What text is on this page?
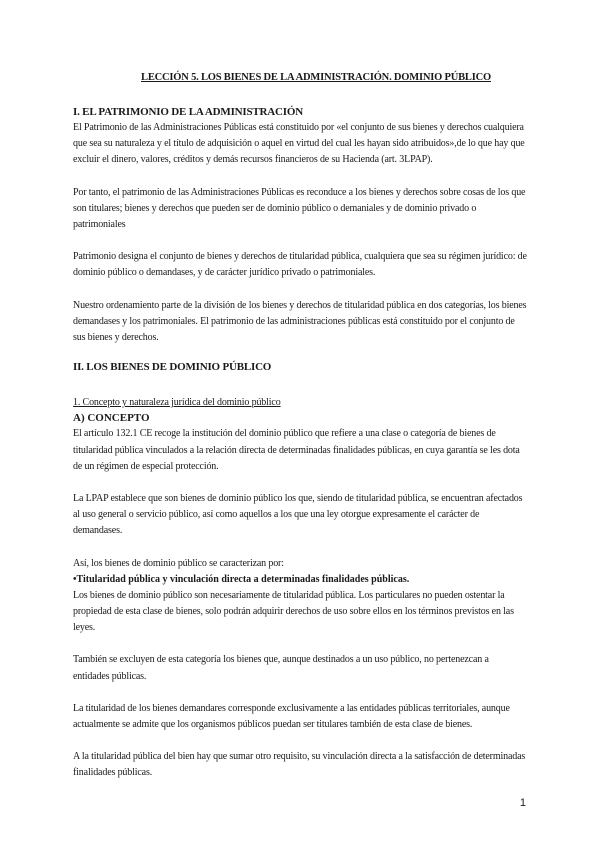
LECCIÓN 5. LOS BIENES DE LA ADMINISTRACIÓN. DOMINIO PÚBLICO
I. EL PATRIMONIO DE LA ADMINISTRACIÓN

El Patrimonio de las Administraciones Públicas está constituido por «el conjunto de sus bienes y derechos cualquiera que sea su naturaleza y el título de adquisición o aquel en virtud del cual les hayan sido atribuidos»,de lo que hay que excluir el dinero, valores, créditos y demás recursos financieros de su Hacienda (art. 3LPAP).

Por tanto, el patrimonio de las Administraciones Públicas es reconduce a los bienes y derechos sobre cosas de los que son titulares; bienes y derechos que pueden ser de dominio público o demaniales y de dominio privado o patrimoniales

Patrimonio designa el conjunto de bienes y derechos de titularidad pública, cualquiera que sea su régimen jurídico: de dominio público o demandases, y de carácter jurídico privado o patrimoniales.

Nuestro ordenamiento parte de la división de los bienes y derechos de titularidad pública en dos categorías, los bienes demandases y los patrimoniales. El patrimonio de las administraciones públicas está constituido por el conjunto de sus bienes y derechos.

II. LOS BIENES DE DOMINIO PÚBLICO

1. Concepto y naturaleza jurídica del dominio público

A) CONCEPTO

El artículo 132.1 CE recoge la institución del dominio público que refiere a una clase o categoría de bienes de titularidad pública vinculados a la relación directa de determinadas finalidades públicas, en cuya garantía se les dota de un régimen de especial protección.

La LPAP establece que son bienes de dominio público los que, siendo de titularidad pública, se encuentran afectados al uso general o servicio público, así como aquellos a los que una ley otorgue expresamente el carácter de demandases.

Así, los bienes de dominio público se caracterizan por:

•Titularidad pública y vinculación directa a determinadas finalidades públicas.

Los bienes de dominio público son necesariamente de titularidad pública. Los particulares no pueden ostentar la propiedad de esta clase de bienes, solo podrán adquirir derechos de uso sobre ellos en los términos previstos en las leyes.

También se excluyen de esta categoría los bienes que, aunque destinados a un uso público, no pertenezcan a entidades públicas.

La titularidad de los bienes demandares corresponde exclusivamente a las entidades públicas territoriales, aunque actualmente se admite que los organismos públicos puedan ser titulares también de esta clase de bienes.

A la titularidad pública del bien hay que sumar otro requisito, su vinculación directa a la satisfacción de determinadas finalidades públicas.

1
